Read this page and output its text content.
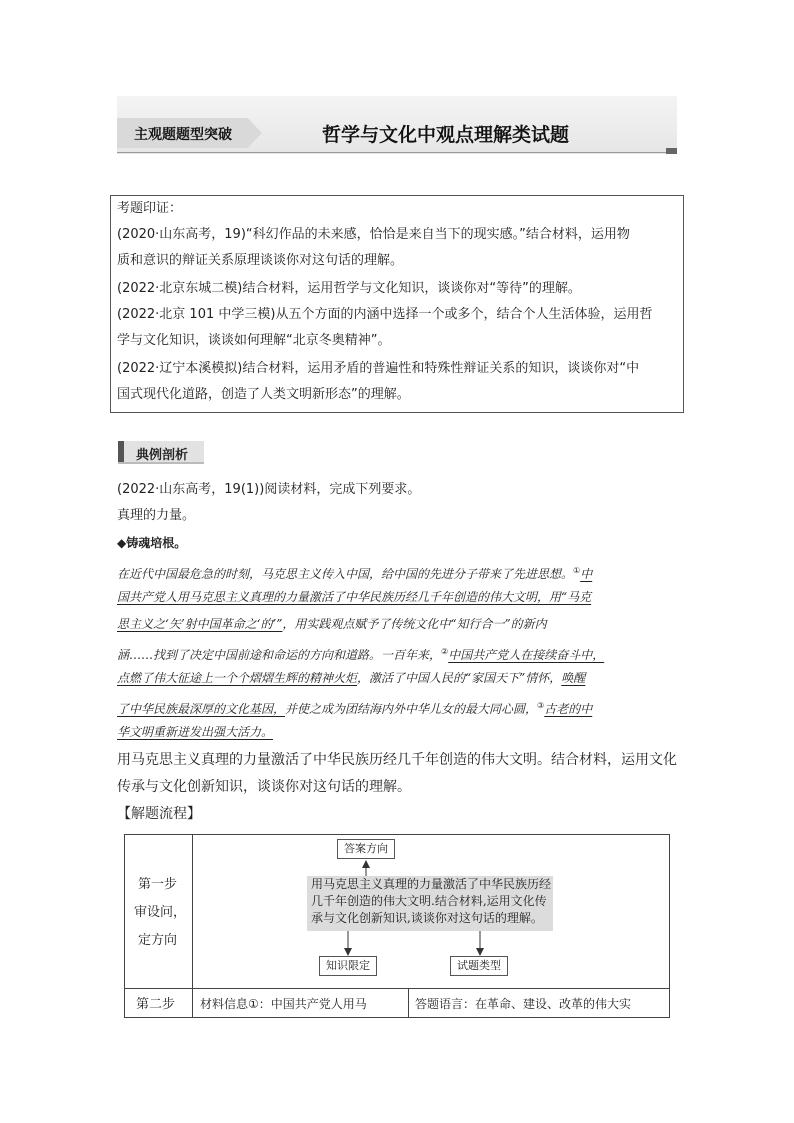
主观题题型突破	哲学与文化中观点理解类试题
考题印证：
(2020·山东高考，19)“科幻作品的未来感，恰恰是来自当下的现实感。”结合材料，运用物
质和意识的辩证关系原理谈谈你对这句话的理解。
(2022·北京东城二模)结合材料，运用哲学与文化知识，谈谈你对“等待”的理解。
(2022·北京 101 中学三模)从五个方面的内涵中选择一个或多个，结合个人生活体验，运用哲
学与文化知识，谈谈如何理解“北京冬奥精神”。
(2022·辽宁本溪模拟)结合材料，运用矛盾的普遍性和特殊性辩证关系的知识，谈谈你对“中
国式现代化道路，创造了人类文明新形态”的理解。
典例剖析
(2022·山东高考，19(1))阅读材料，完成下列要求。
真理的力量。
◆铸魂培根。
在近代中国最危急的时刻，马克思主义传入中国，给中国的先进分子带来了先进思想。①中
国共产党人用马克思主义真理的力量激活了中华民族历经几千年创造的伟大文明，用“马克
思主义之‘矢’射中国革命之‘的’”，用实践观点赋予了传统文化中“知行合一”的新内
涵……找到了决定中国前途和命运的方向和道路。一百年来，②中国共产党人在接续奋斗中，
点燃了伟大征途上一个个熠熠生辉的精神火炬，激活了中国人民的“家国天下”情怀，唤醒
了中华民族最深厚的文化基因，并使之成为团结海内外中华儿女的最大同心圆，③古老的中
华文明重新迸发出强大活力。
用马克思主义真理的力量激活了中华民族历经几千年创造的伟大文明。结合材料，运用文化
传承与文化创新知识，谈谈你对这句话的理解。
【解题流程】
第一步
审设问，
定方向
答案方向
用马克思主义真理的力量激活了中华民族历经
几千年创造的伟大文明.结合材料,运用文化传
承与文化创新知识,谈谈你对这句话的理解。
知识限定	试题类型
第二步 材料信息①：中国共产党人用马	答题语言：在革命、建设、改革的伟大实
